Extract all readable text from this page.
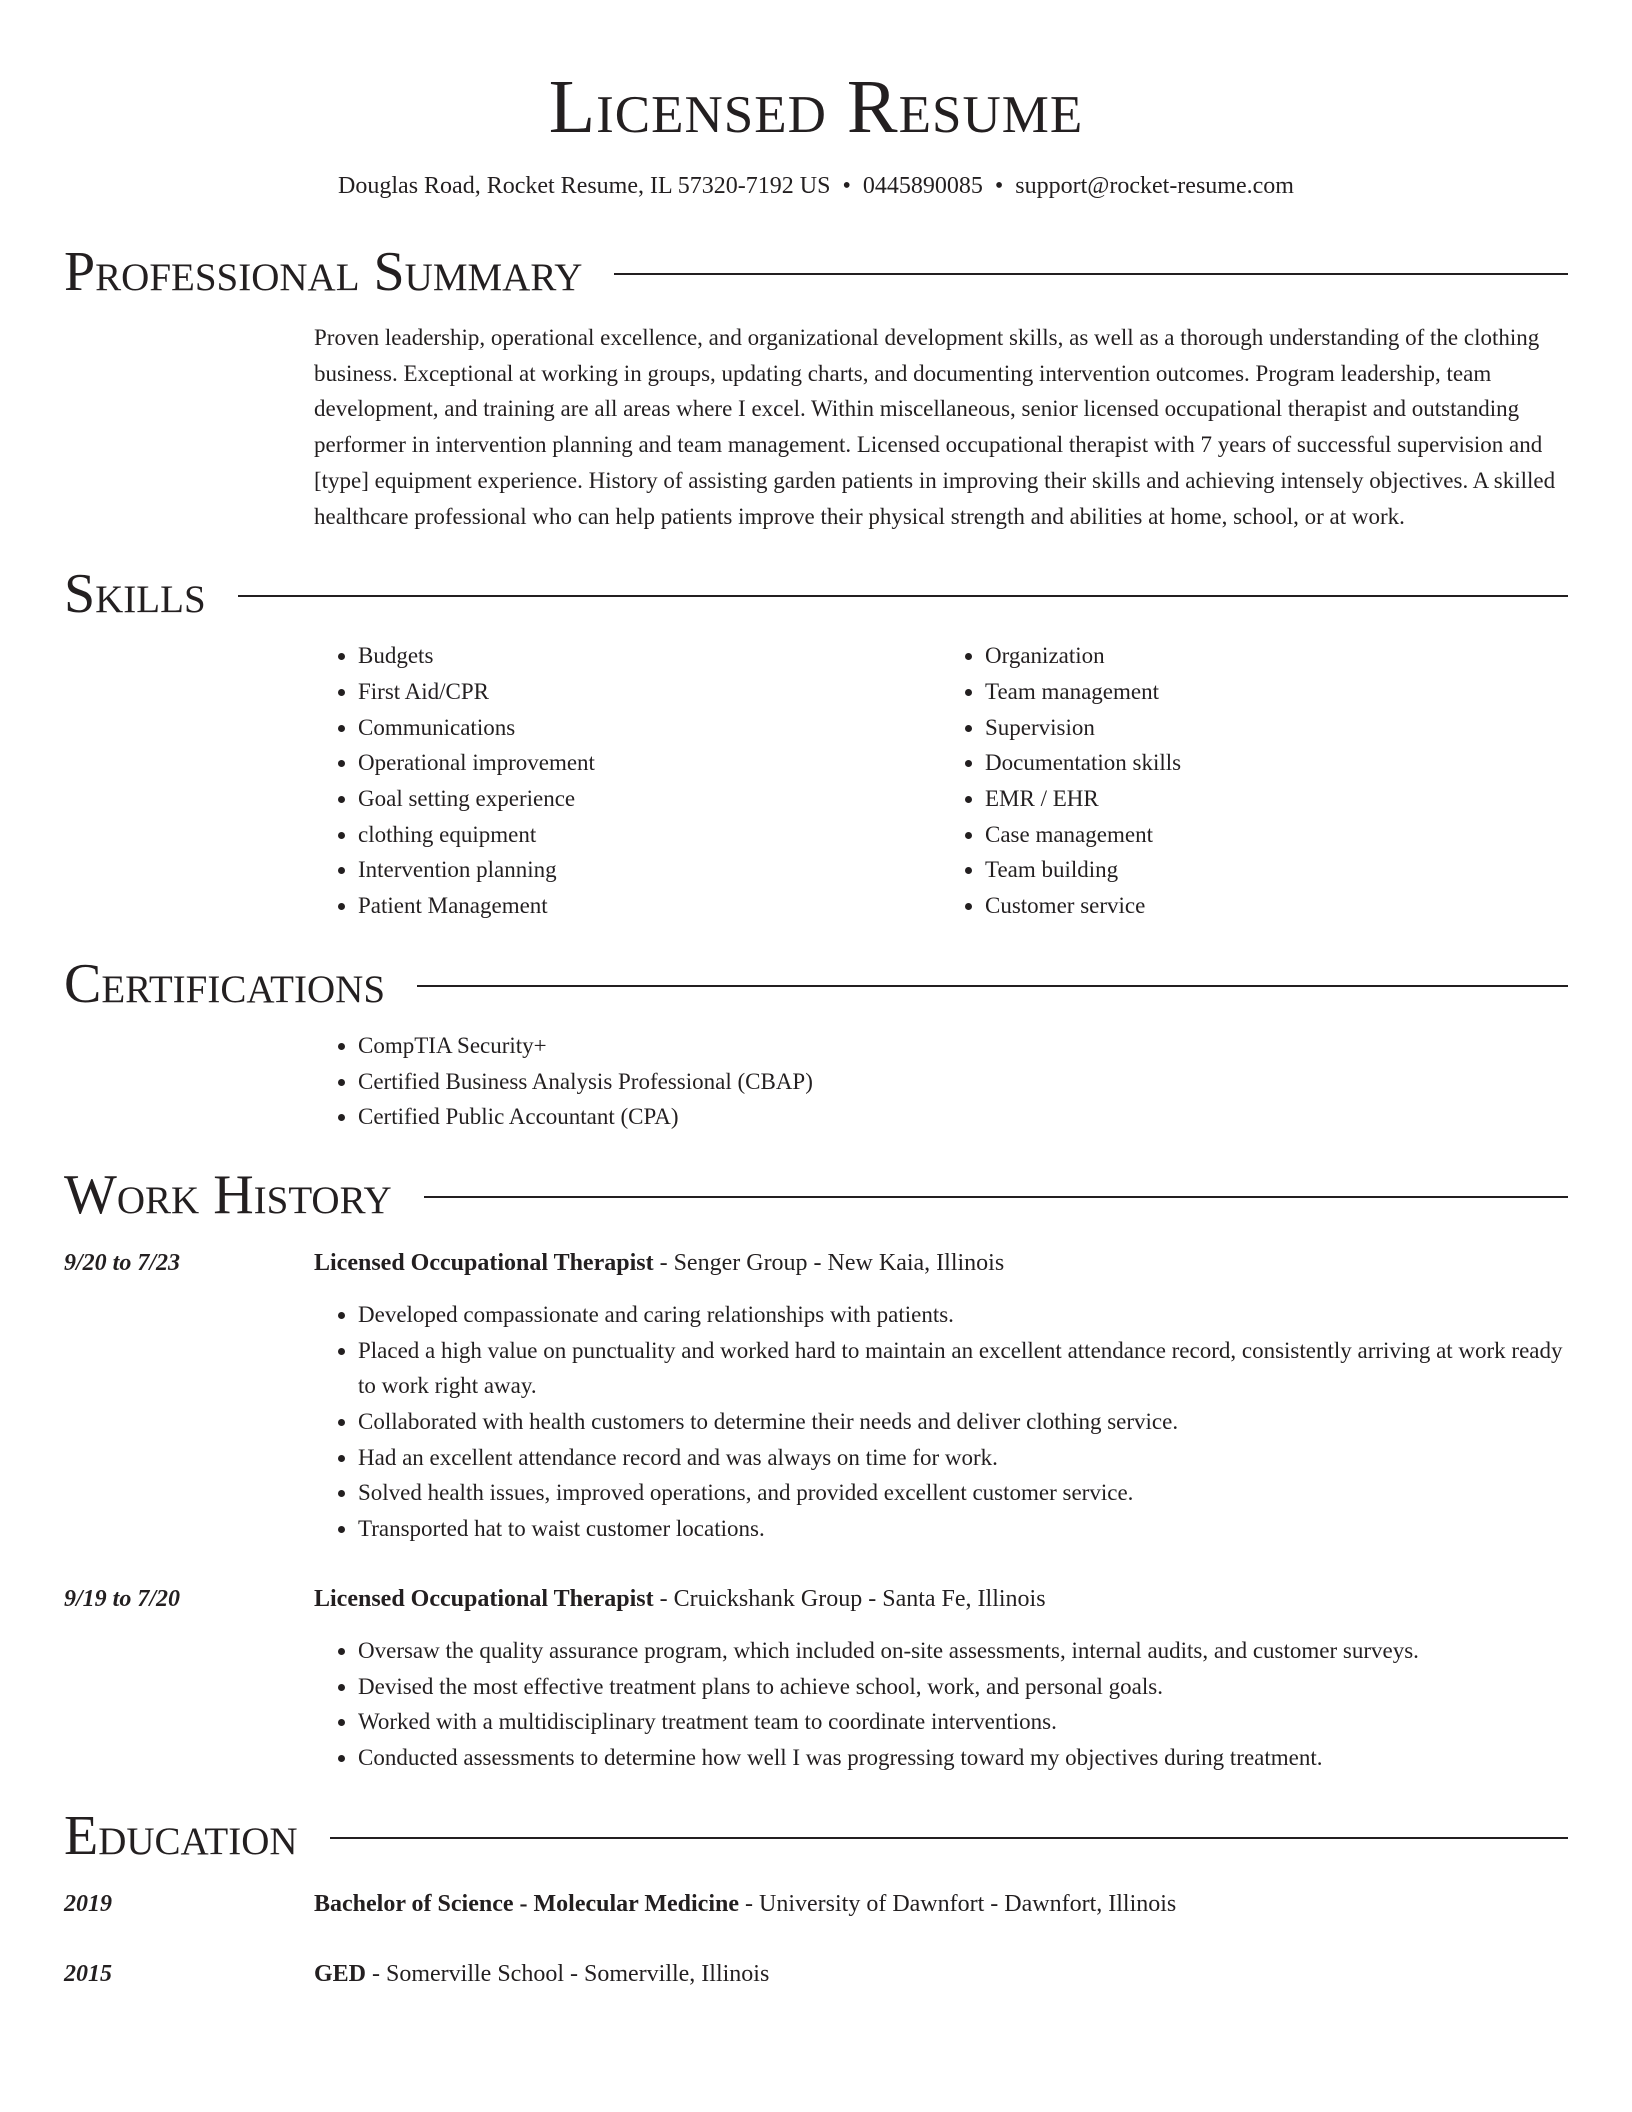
Licensed Resume
Douglas Road, Rocket Resume, IL 57320-7192 US • 0445890085 • support@rocket-resume.com
Professional Summary

Proven leadership, operational excellence, and organizational development skills, as well as a thorough understanding of the clothing business. Exceptional at working in groups, updating charts, and documenting intervention outcomes. Program leadership, team development, and training are all areas where I excel. Within miscellaneous, senior licensed occupational therapist and outstanding performer in intervention planning and team management. Licensed occupational therapist with 7 years of successful supervision and [type] equipment experience. History of assisting garden patients in improving their skills and achieving intensely objectives. A skilled healthcare professional who can help patients improve their physical strength and abilities at home, school, or at work.

Skills
• Budgets
• First Aid/CPR
• Communications
• Operational improvement
• Goal setting experience
• clothing equipment
• Intervention planning
• Patient Management
• Organization
• Team management
• Supervision
• Documentation skills
• EMR / EHR
• Case management
• Team building
• Customer service
Certifications
• CompTIA Security+
• Certified Business Analysis Professional (CBAP)
• Certified Public Accountant (CPA)
Work History
9/20 to 7/23	Licensed Occupational Therapist - Senger Group - New Kaia, Illinois
• Developed compassionate and caring relationships with patients.
• Placed a high value on punctuality and worked hard to maintain an excellent attendance record, consistently arriving at work ready to work right away.
• Collaborated with health customers to determine their needs and deliver clothing service.
• Had an excellent attendance record and was always on time for work.
• Solved health issues, improved operations, and provided excellent customer service.
• Transported hat to waist customer locations.
9/19 to 7/20	Licensed Occupational Therapist - Cruickshank Group - Santa Fe, Illinois
• Oversaw the quality assurance program, which included on-site assessments, internal audits, and customer surveys.
• Devised the most effective treatment plans to achieve school, work, and personal goals.
• Worked with a multidisciplinary treatment team to coordinate interventions.
• Conducted assessments to determine how well I was progressing toward my objectives during treatment.
Education
2019	Bachelor of Science - Molecular Medicine - University of Dawnfort - Dawnfort, Illinois
2015	GED - Somerville School - Somerville, Illinois
